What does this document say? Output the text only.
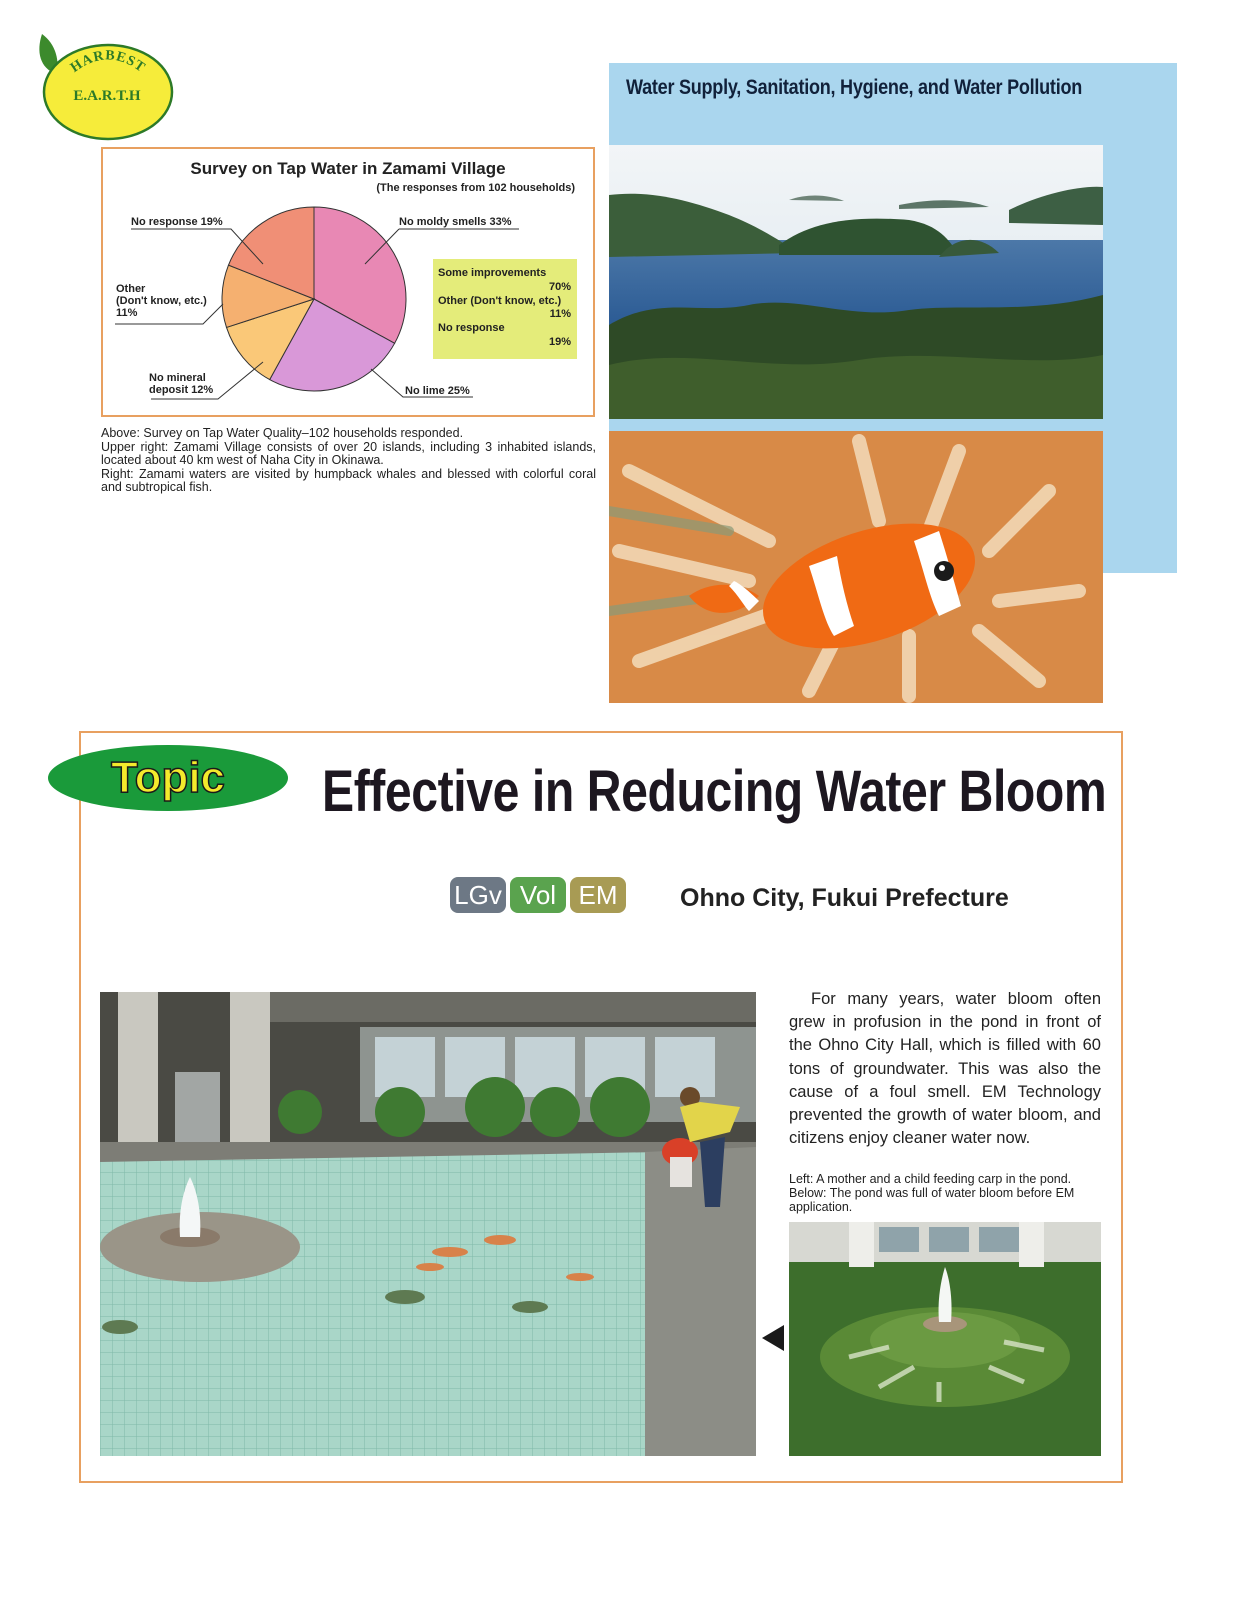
HARBEST
E.A.R.T.H
Survey on Tap Water in Zamami Village
(The responses from 102 households)
No response 19%	No moldy smells 33%
Other
(Don't know, etc.)
11%
No mineral
deposit 12%	No lime 25%
Some improvements
70%
Other (Don't know, etc.)
11%
No response
19%
Above: Survey on Tap Water Quality–102 households responded.
Upper right: Zamami Village consists of over 20 islands, including 3 inhabited islands, located about 40 km west of Naha City in Okinawa.
Right: Zamami waters are visited by humpback whales and blessed with colorful coral and subtropical fish.
Water Supply, Sanitation, Hygiene, and Water Pollution
Topic Effective in Reducing Water Bloom
LGv Vol EM	Ohno City, Fukui Prefecture
For many years, water bloom often grew in profusion in the pond in front of the Ohno City Hall, which is filled with 60 tons of groundwater. This was also the cause of a foul smell. EM Technology prevented the growth of water bloom, and citizens enjoy cleaner water now.
Left: A mother and a child feeding carp in the pond.
Below: The pond was full of water bloom before EM application.
